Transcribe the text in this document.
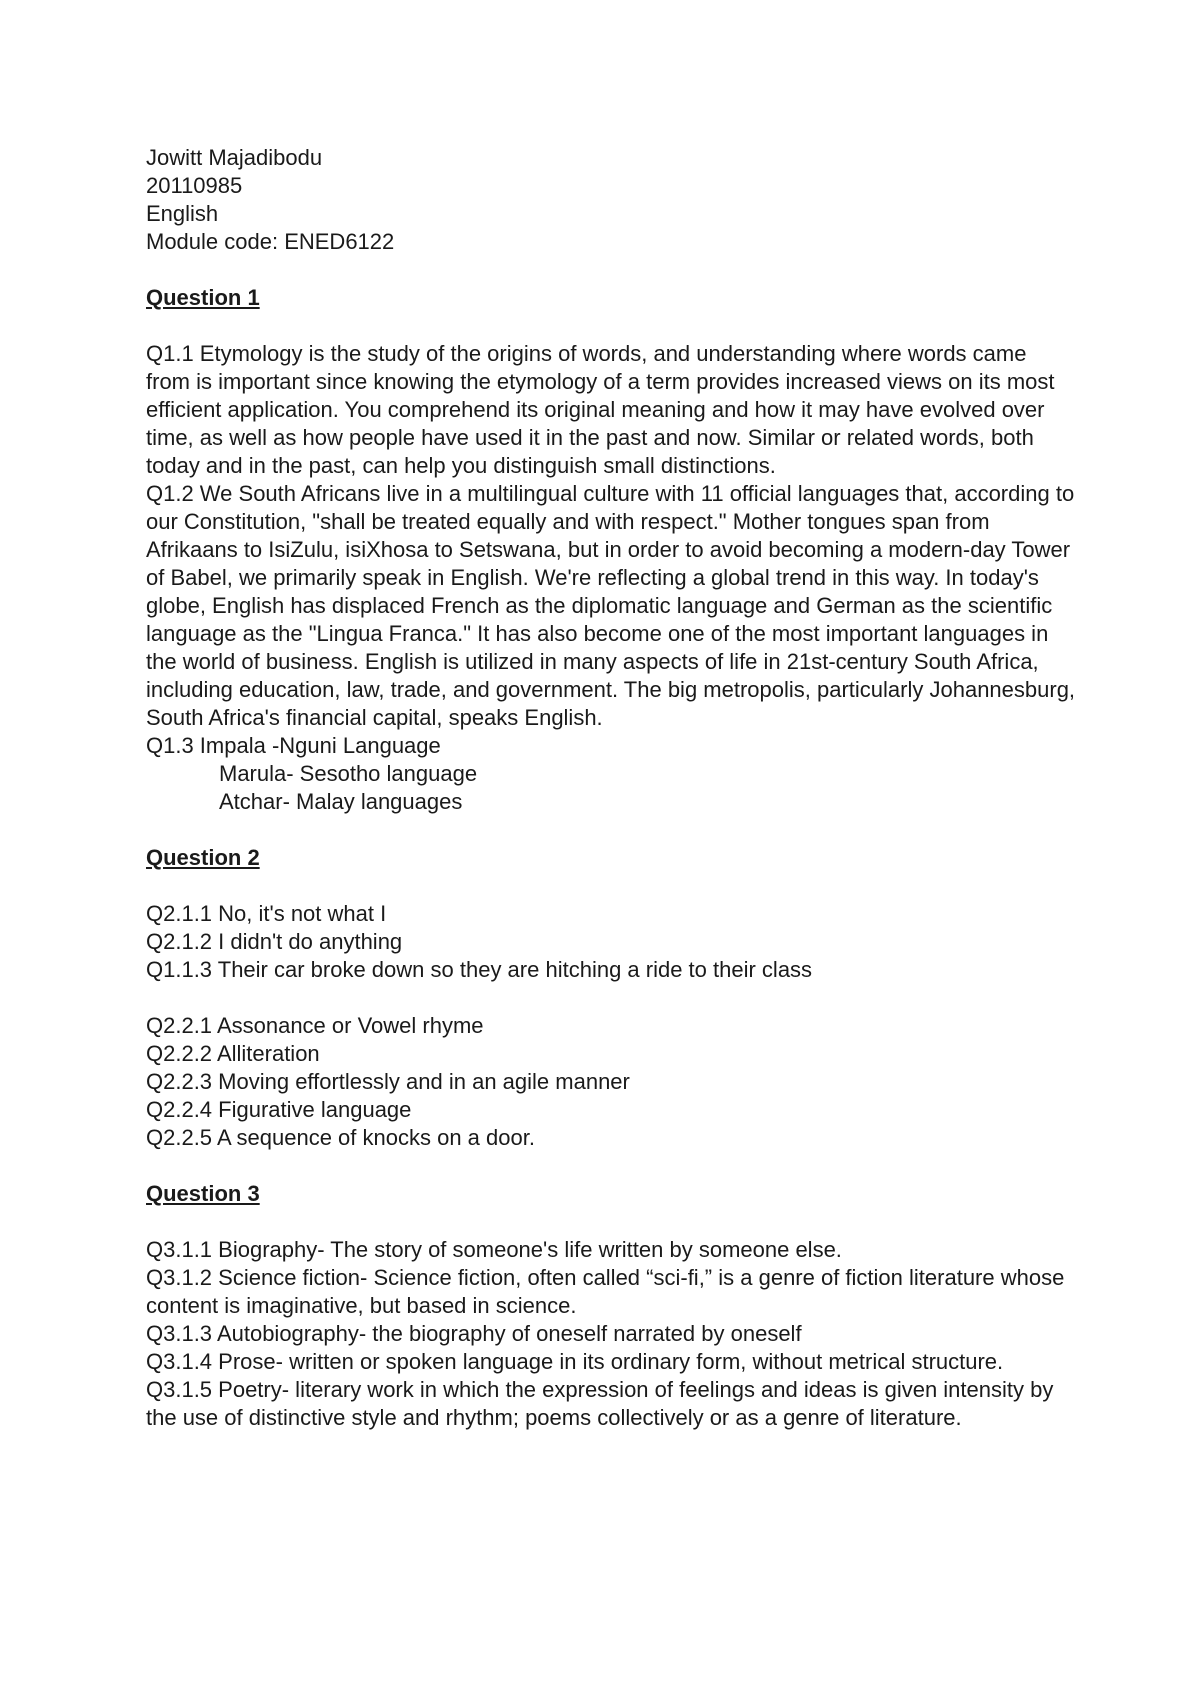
Jowitt Majadibodu

20110985

English

Module code: ENED6122

Question 1

Q1.1 Etymology is the study of the origins of words, and understanding where words came from is important since knowing the etymology of a term provides increased views on its most efficient application. You comprehend its original meaning and how it may have evolved over time, as well as how people have used it in the past and now. Similar or related words, both today and in the past, can help you distinguish small distinctions.

Q1.2 We South Africans live in a multilingual culture with 11 official languages that, according to our Constitution, "shall be treated equally and with respect." Mother tongues span from Afrikaans to IsiZulu, isiXhosa to Setswana, but in order to avoid becoming a modern-day Tower of Babel, we primarily speak in English. We're reflecting a global trend in this way. In today's globe, English has displaced French as the diplomatic language and German as the scientific language as the "Lingua Franca." It has also become one of the most important languages in the world of business. English is utilized in many aspects of life in 21st-century South Africa, including education, law, trade, and government. The big metropolis, particularly Johannesburg, South Africa's financial capital, speaks English.

Q1.3 Impala -Nguni Language

Marula- Sesotho language

Atchar- Malay languages

Question 2

Q2.1.1 No, it's not what I

Q2.1.2 I didn't do anything

Q1.1.3 Their car broke down so they are hitching a ride to their class

Q2.2.1 Assonance or Vowel rhyme

Q2.2.2 Alliteration

Q2.2.3 Moving effortlessly and in an agile manner

Q2.2.4 Figurative language

Q2.2.5 A sequence of knocks on a door.

Question 3

Q3.1.1 Biography- The story of someone's life written by someone else.

Q3.1.2 Science fiction- Science fiction, often called “sci-fi,” is a genre of fiction literature whose content is imaginative, but based in science.

Q3.1.3 Autobiography- the biography of oneself narrated by oneself

Q3.1.4 Prose- written or spoken language in its ordinary form, without metrical structure.

Q3.1.5 Poetry- literary work in which the expression of feelings and ideas is given intensity by the use of distinctive style and rhythm; poems collectively or as a genre of literature.
